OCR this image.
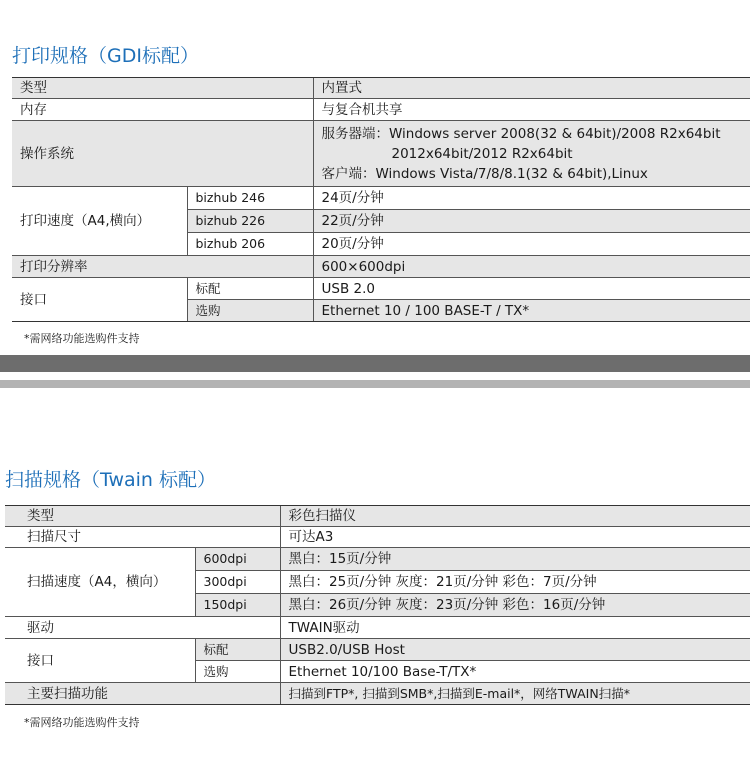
打印规格（GDI标配）
类型		内置式
内存		与复合机共享
操作系统		服务器端：Windows server 2008(32 & 64bit)/2008 R2x64bit
2012x64bit/2012 R2x64bit
客户端：Windows Vista/7/8/8.1(32 & 64bit),Linux

打印速度（A4,横向）	bizhub 246	24页/分钟
	bizhub 226	22页/分钟
	bizhub 206	20页/分钟
打印分辨率		600×600dpi
接口	标配	USB 2.0
	选购	Ethernet 10 / 100 BASE-T / TX*
*需网络功能选购件支持
扫描规格（Twain 标配）
类型		彩色扫描仪
扫描尺寸		可达A3
扫描速度（A4，横向）	600dpi	黑白：15页/分钟
	300dpi	黑白：25页/分钟 灰度：21页/分钟 彩色：7页/分钟
	150dpi	黑白：26页/分钟 灰度：23页/分钟 彩色：16页/分钟
驱动		TWAIN驱动
接口	标配	USB2.0/USB Host
	选购	Ethernet 10/100 Base-T/TX*
主要扫描功能		扫描到FTP*, 扫描到SMB*,扫描到E-mail*，网络TWAIN扫描*
*需网络功能选购件支持
